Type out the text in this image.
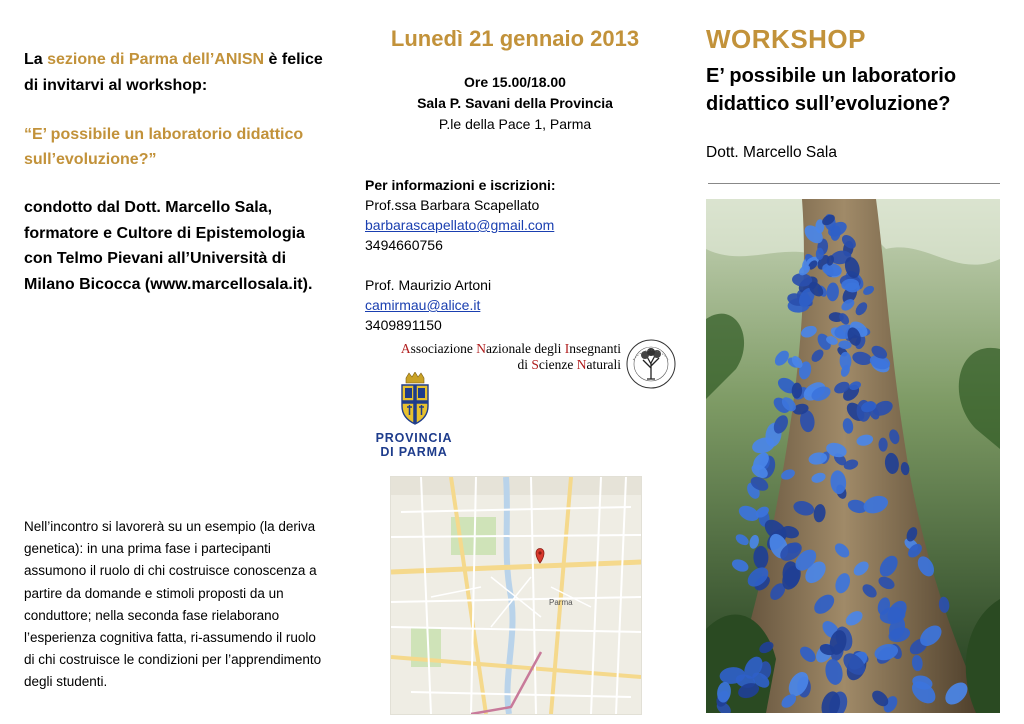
La sezione di Parma dell’ANISN è felice di invitarvi al workshop:
“E’ possibile un laboratorio didattico sull’evoluzione?”
condotto dal Dott. Marcello Sala, formatore e Cultore di Epistemologia con Telmo Pievani all’Università di Milano Bicocca (www.marcellosala.it).
Nell’incontro si lavorerà su un esempio (la deriva genetica): in una prima fase i partecipanti assumono il ruolo di chi costruisce conoscenza a partire da domande e stimoli proposti da un conduttore; nella seconda fase rielaborano l’esperienza cognitiva fatta, ri-assumendo il ruolo di chi costruisce le condizioni per l’apprendimento degli studenti.
Lunedì 21 gennaio 2013
Ore 15.00/18.00
Sala P. Savani della Provincia
P.le della Pace 1, Parma
Per informazioni e iscrizioni:
Prof.ssa Barbara Scapellato
barbarascapellato@gmail.com
3494660756
Prof. Maurizio Artoni
camirmau@alice.it
3409891150
Associazione Nazionale degli Insegnanti
di Scienze Naturali
PROVINCIA
DI PARMA
Parma
WORKSHOP
E’ possibile un laboratorio didattico sull’evoluzione?
Dott. Marcello Sala
